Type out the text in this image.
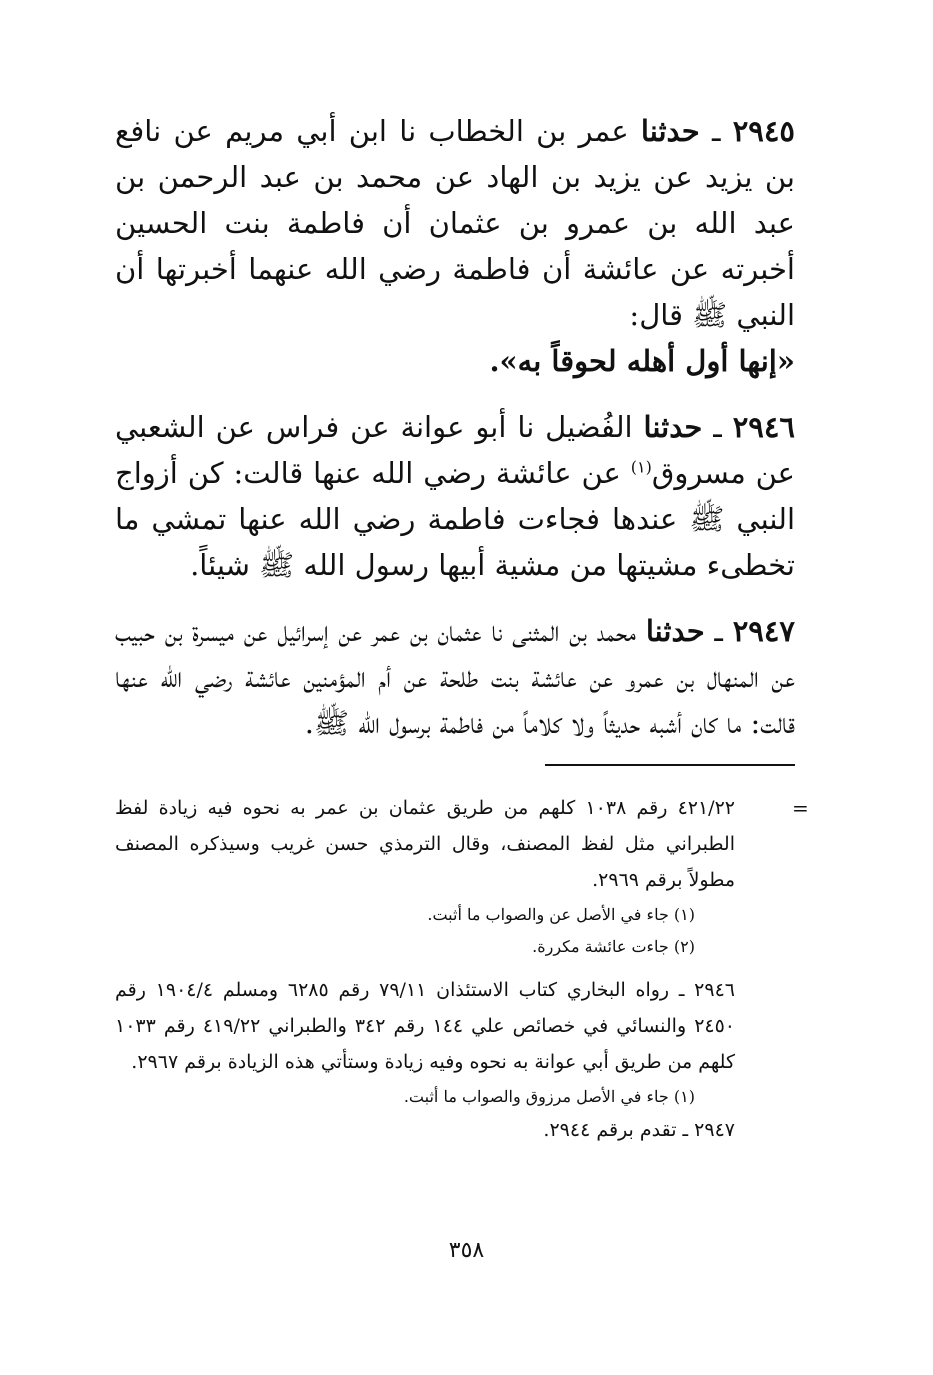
٢٩٤٥ ـ حدثنا عمر بن الخطاب نا ابن أبي مريم عن نافع بن يزيد عن يزيد بن الهاد عن محمد بن عبد الرحمن بن عبد الله بن عمرو بن عثمان أن فاطمة بنت الحسين أخبرته عن عائشة أن فاطمة رضي الله عنهما أخبرتها أن النبي ﷺ قال:
«إنها أول أهله لحوقاً به».

٢٩٤٦ ـ حدثنا الفُضيل نا أبو عوانة عن فراس عن الشعبي عن مسروق$^{(١)}$ عن عائشة رضي الله عنها قالت: كن أزواج النبي ﷺ عندها فجاءت فاطمة رضي الله عنها تمشي ما تخطىء مشيتها من مشية أبيها رسول الله ﷺ شيئاً.

٢٩٤٧ ـ حدثنا محمد بن المثنى نا عثمان بن عمر عن إسرائيل عن ميسرة بن حبيب عن المنهال بن عمرو عن عائشة بنت طلحة عن أم المؤمنين عائشة رضي الله عنها قالت: ما كان أشبه حديثاً ولا كلاماً من فاطمة برسول الله ﷺ.

=

٤٢١/٢٢ رقم ١٠٣٨ كلهم من طريق عثمان بن عمر به نحوه فيه زيادة لفظ الطبراني مثل لفظ المصنف، وقال الترمذي حسن غريب وسيذكره المصنف مطولاً برقم ٢٩٦٩.

(١) جاء في الأصل عن والصواب ما أثبت.

(٢) جاءت عائشة مكررة.

٢٩٤٦ ـ رواه البخاري كتاب الاستئذان ٧٩/١١ رقم ٦٢٨٥ ومسلم ١٩٠٤/٤ رقم ٢٤٥٠ والنسائي في خصائص علي ١٤٤ رقم ٣٤٢ والطبراني ٤١٩/٢٢ رقم ١٠٣٣ كلهم من طريق أبي عوانة به نحوه وفيه زيادة وستأتي هذه الزيادة برقم ٢٩٦٧.

(١) جاء في الأصل مرزوق والصواب ما أثبت.

٢٩٤٧ ـ تقدم برقم ٢٩٤٤.

٣٥٨
